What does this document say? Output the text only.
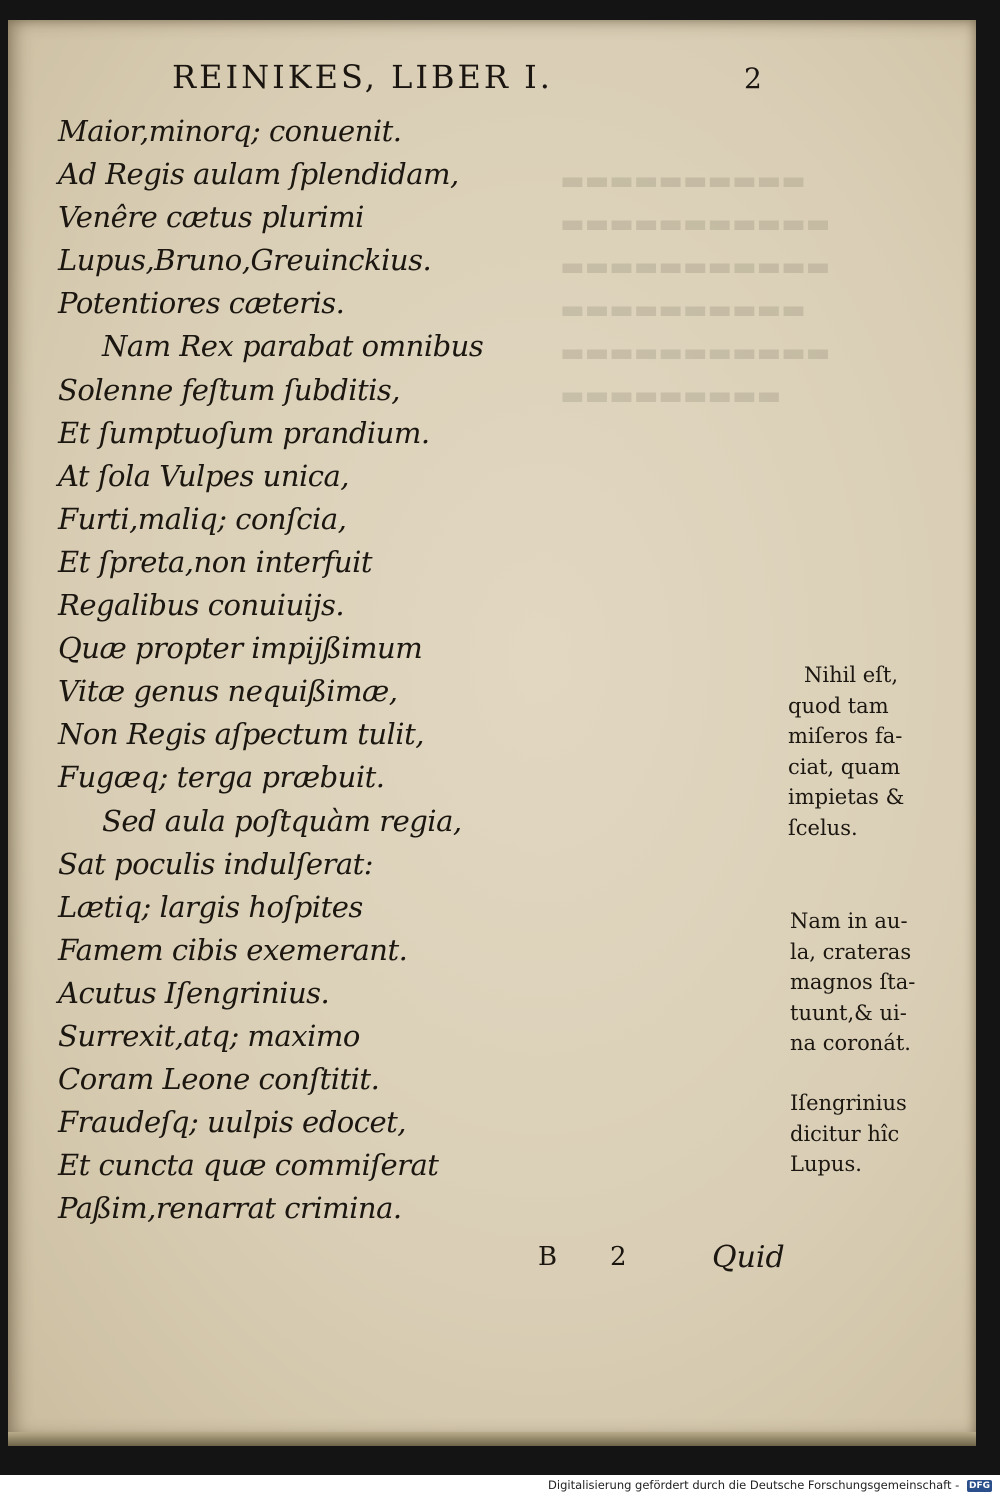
▬▬▬▬▬▬▬▬▬▬
▬▬▬▬▬▬▬▬▬▬▬
▬▬▬▬▬▬▬▬▬▬▬
▬▬▬▬▬▬▬▬▬▬
▬▬▬▬▬▬▬▬▬▬▬
▬▬▬▬▬▬▬▬▬
REINIKES, LIBER I.	2
Maior,minorq; conuenit.
Ad Regis aulam ſplendidam,
Venêre cætus plurimi
Lupus,Bruno,Greuinckius.
Potentiores cæteris.
Nam Rex parabat omnibus
Solenne feſtum ſubditis,
Et ſumptuoſum prandium.
At ſola Vulpes unica,
Furti,maliq; conſcia,
Et ſpreta,non interfuit
Regalibus conuiuijs.
Quæ propter impijßimum
Vitæ genus nequißimæ,
Non Regis aſpectum tulit,
Fugæq; terga præbuit.
Sed aula poſtquàm regia,
Sat poculis indulſerat:
Lætiq; largis hoſpites
Famem cibis exemerant.
Acutus Iſengrinius.
Surrexit,atq; maximo
Coram Leone conſtitit.
Fraudeſq; uulpis edocet,
Et cuncta quæ commiſerat
Paßim,renarrat crimina.
Nihil eſt,
quod tam
miſeros fa-
ciat, quam
impietas &
ſcelus.
Nam in au-
la, crateras
magnos ſta-
tuunt,& ui-
na coronát.
Iſengrinius
dicitur hîc
Lupus.
B 2	Quid
Digitalisierung gefördert durch die Deutsche Forschungsgemeinschaft - DFG
